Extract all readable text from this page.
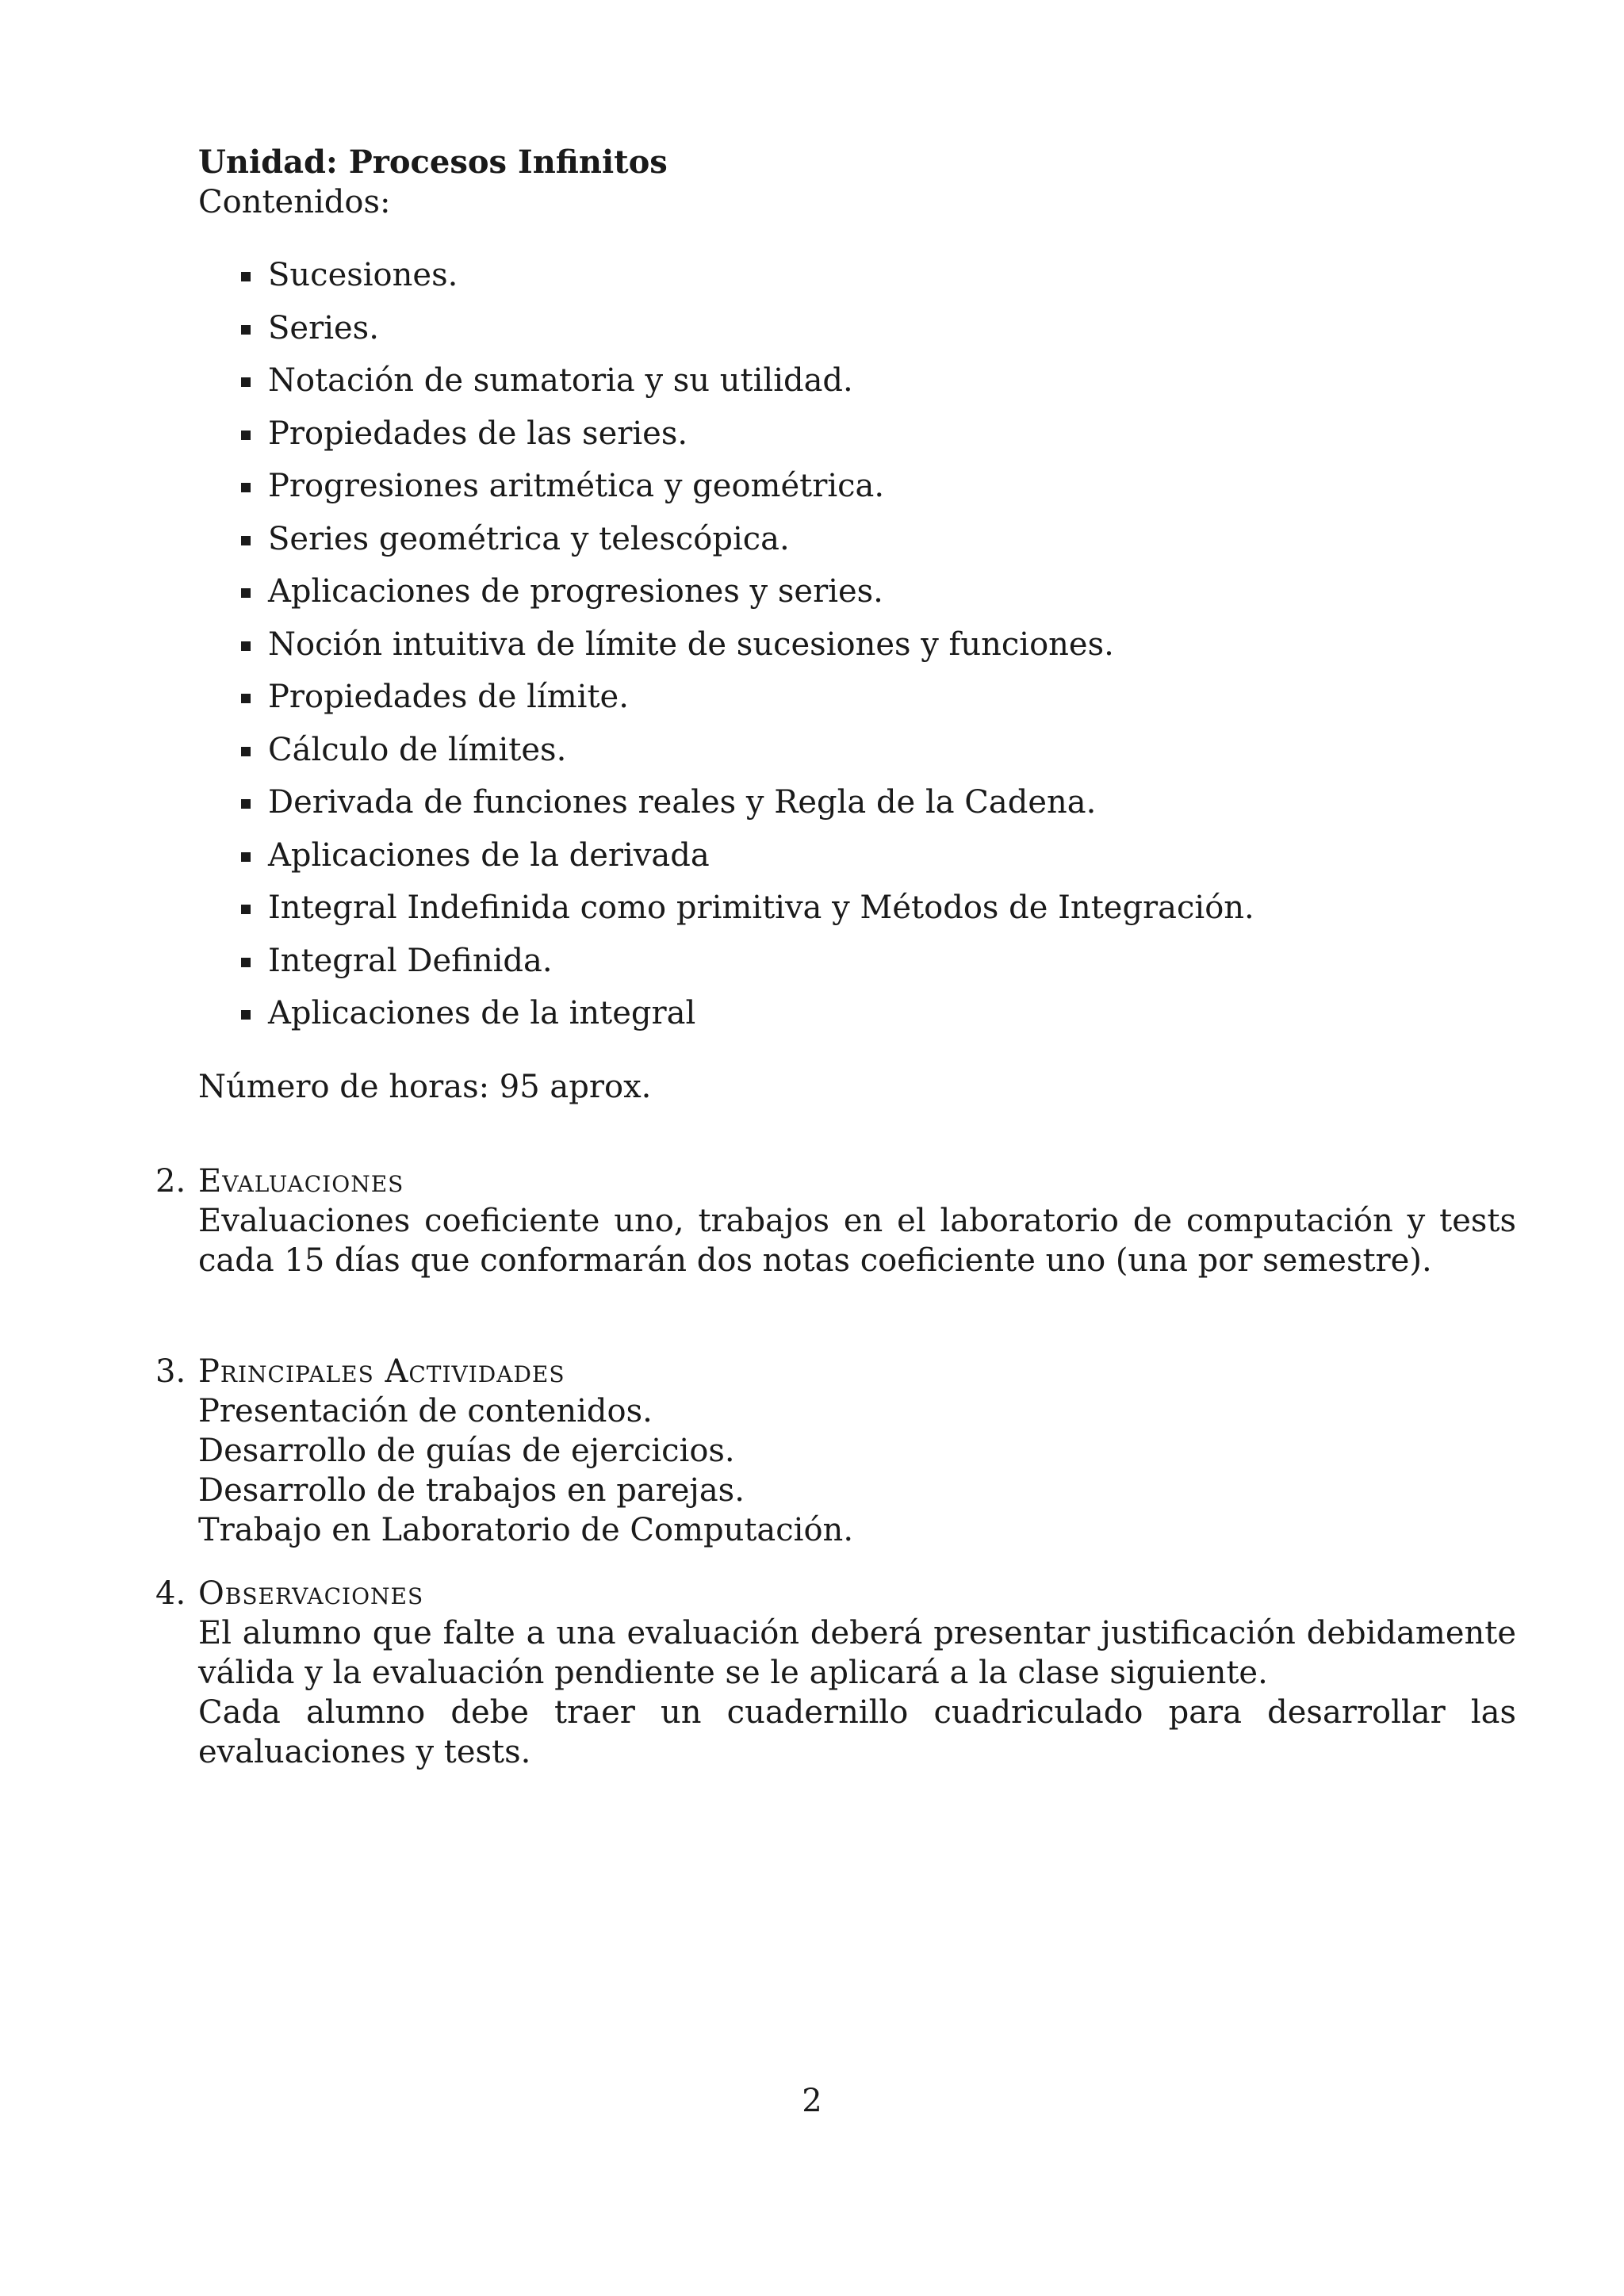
Unidad: Procesos Infinitos

Contenidos:

Sucesiones.
Series.
Notación de sumatoria y su utilidad.
Propiedades de las series.
Progresiones aritmética y geométrica.
Series geométrica y telescópica.
Aplicaciones de progresiones y series.
Noción intuitiva de límite de sucesiones y funciones.
Propiedades de límite.
Cálculo de límites.
Derivada de funciones reales y Regla de la Cadena.
Aplicaciones de la derivada
Integral Indefinida como primitiva y Métodos de Integración.
Integral Definida.
Aplicaciones de la integral

Número de horas: 95 aprox.

2. Evaluaciones

Evaluaciones coeficiente uno, trabajos en el laboratorio de computación y tests cada 15 días que conformarán dos notas coeficiente uno (una por semestre).

3. Principales Actividades

Presentación de contenidos.

Desarrollo de guías de ejercicios.

Desarrollo de trabajos en parejas.

Trabajo en Laboratorio de Computación.

4. Observaciones

El alumno que falte a una evaluación deberá presentar justificación debidamente válida y la evaluación pendiente se le aplicará a la clase siguiente.

Cada alumno debe traer un cuadernillo cuadriculado para desarrollar las evaluaciones y tests.

2
